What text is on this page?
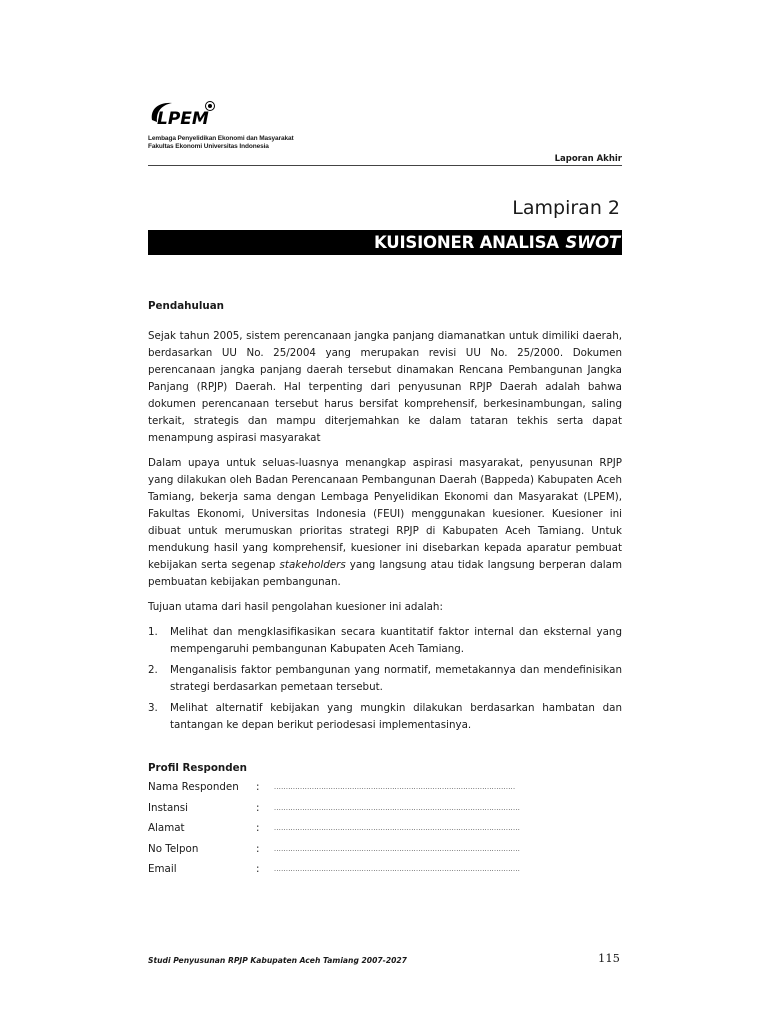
LPEM
Lembaga Penyelidikan Ekonomi dan Masyarakat
Fakultas Ekonomi Universitas Indonesia
Laporan Akhir
Lampiran 2
KUISIONER ANALISA SWOT
Pendahuluan

Sejak tahun 2005, sistem perencanaan jangka panjang diamanatkan untuk dimiliki daerah, berdasarkan UU No. 25/2004 yang merupakan revisi UU No. 25/2000. Dokumen perencanaan jangka panjang daerah tersebut dinamakan Rencana Pembangunan Jangka Panjang (RPJP) Daerah. Hal terpenting dari penyusunan RPJP Daerah adalah bahwa dokumen perencanaan tersebut harus bersifat komprehensif, berkesinambungan, saling terkait, strategis dan mampu diterjemahkan ke dalam tataran tekhis serta dapat menampung aspirasi masyarakat

Dalam upaya untuk seluas-luasnya menangkap aspirasi masyarakat, penyusunan RPJP yang dilakukan oleh Badan Perencanaan Pembangunan Daerah (Bappeda) Kabupaten Aceh Tamiang, bekerja sama dengan Lembaga Penyelidikan Ekonomi dan Masyarakat (LPEM), Fakultas Ekonomi, Universitas Indonesia (FEUI) menggunakan kuesioner. Kuesioner ini dibuat untuk merumuskan prioritas strategi RPJP di Kabupaten Aceh Tamiang. Untuk mendukung hasil yang komprehensif, kuesioner ini disebarkan kepada aparatur pembuat kebijakan serta segenap stakeholders yang langsung atau tidak langsung berperan dalam pembuatan kebijakan pembangunan.

Tujuan utama dari hasil pengolahan kuesioner ini adalah:

1.	Melihat dan mengklasifikasikan secara kuantitatif faktor internal dan eksternal yang mempengaruhi pembangunan Kabupaten Aceh Tamiang.
2.	Menganalisis faktor pembangunan yang normatif, memetakannya dan mendefinisikan strategi berdasarkan pemetaan tersebut.
3.	Melihat alternatif kebijakan yang mungkin dilakukan berdasarkan hambatan dan tantangan ke depan berikut periodesasi implementasinya.
Profil Responden
Nama Responden	:	......................................................................................................
Instansi	:	........................................................................................................
Alamat	:	........................................................................................................
No Telpon	:	........................................................................................................
Email	:	........................................................................................................
Studi Penyusunan RPJP Kabupaten Aceh Tamiang 2007-2027	115
